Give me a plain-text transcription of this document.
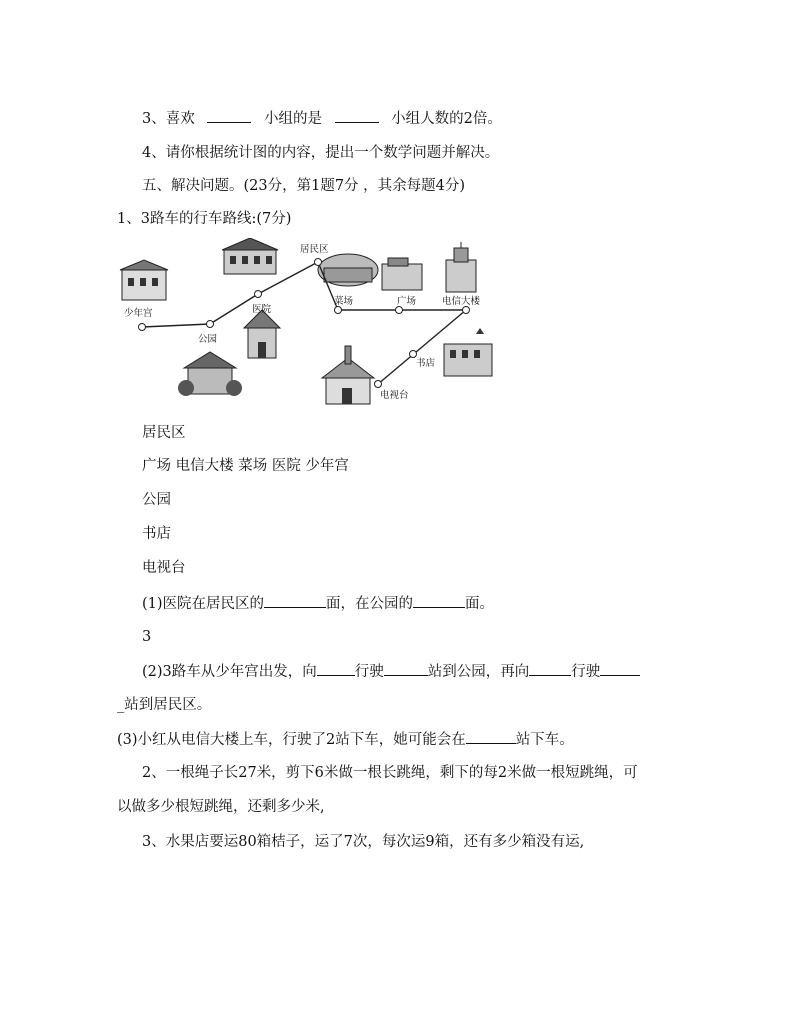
3、喜欢	小组的是	小组人数的2倍。
4、请你根据统计图的内容，提出一个数学问题并解决。
五、解决问题。(23分，第1题7分 ，其余每题4分)
1、3路车的行车路线:(7分)
少年宫
公园
医院
居民区
菜场	广场	电信大楼
书店
电视台
居民区
广场 电信大楼 菜场 医院 少年宫
公园
书店
电视台
(1)医院在居民区的	面，在公园的	面。
3
(2)3路车从少年宫出发，向	行驶	站到公园，再向	行驶
_站到居民区。
(3)小红从电信大楼上车，行驶了2站下车，她可能会在	站下车。
2、一根绳子长27米，剪下6米做一根长跳绳，剩下的每2米做一根短跳绳，可
以做多少根短跳绳，还剩多少米,
3、水果店要运80箱桔子，运了7次，每次运9箱，还有多少箱没有运,
